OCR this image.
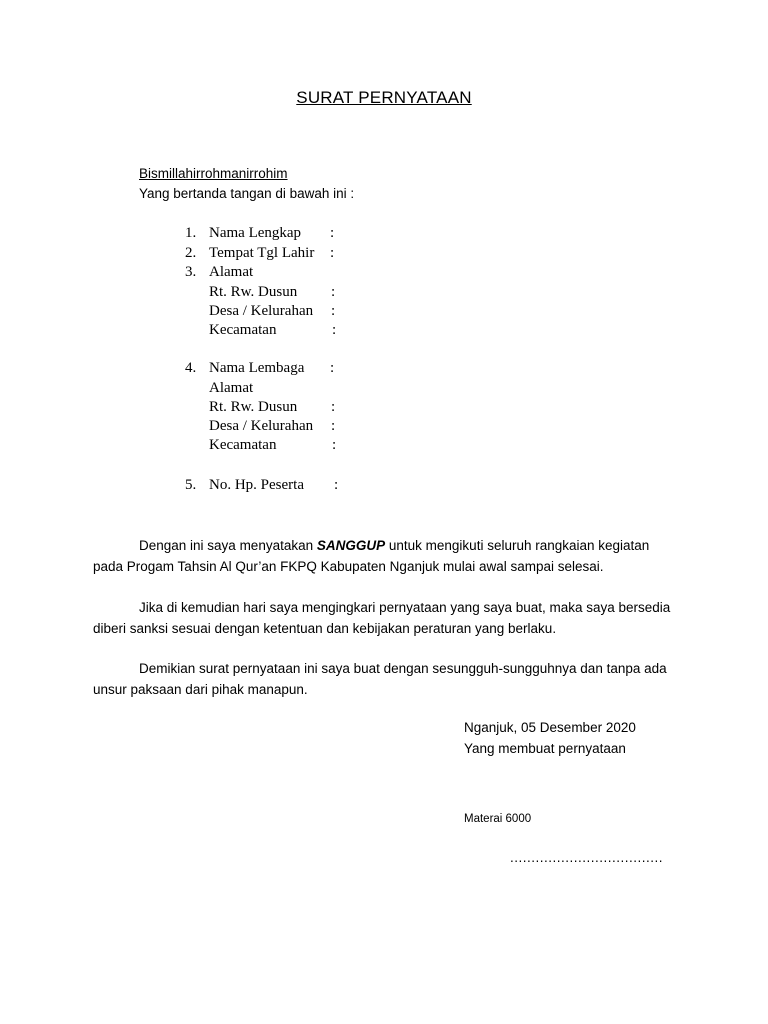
SURAT PERNYATAAN
Bismillahirrohmanirrohim
Yang bertanda tangan di bawah ini :
1. Nama Lengkap :
2. Tempat Tgl Lahir :
3. Alamat
Rt. Rw. Dusun :
Desa / Kelurahan :
Kecamatan	:
4. Nama Lembaga :
Alamat
Rt. Rw. Dusun :
Desa / Kelurahan :
Kecamatan	:
5. No. Hp. Peserta :
Dengan ini saya menyatakan SANGGUP untuk mengikuti seluruh rangkaian kegiatan pada Progam Tahsin Al Qur’an FKPQ Kabupaten Nganjuk mulai awal sampai selesai.
Jika di kemudian hari saya mengingkari pernyataan yang saya buat, maka saya bersedia diberi sanksi sesuai dengan ketentuan dan kebijakan peraturan yang berlaku.
Demikian surat pernyataan ini saya buat dengan sesungguh-sungguhnya dan tanpa ada unsur paksaan dari pihak manapun.
Nganjuk, 05 Desember 2020
Yang membuat pernyataan
Materai 6000
....................................
